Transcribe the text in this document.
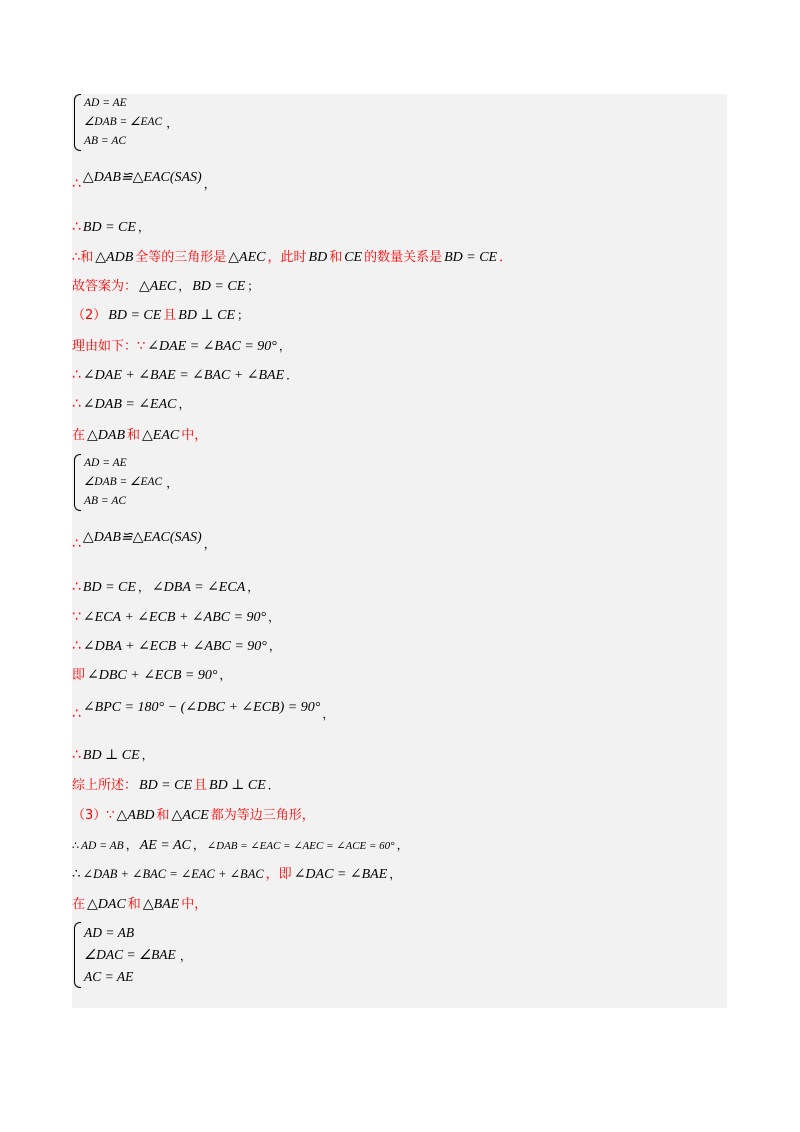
AD = AE
∠DAB = ∠EAC
AB = AC
，
∴ △DAB≌△EAC(SAS) ，
∴ BD = CE ，
∴和 △ADB 全等的三角形是 △AEC ，此时 BD 和 CE 的数量关系是 BD = CE ．
故答案为： △AEC ， BD = CE ；
（2） BD = CE 且 BD ⊥ CE ；
理由如下：∵ ∠DAE = ∠BAC = 90° ，
∴ ∠DAE + ∠BAE = ∠BAC + ∠BAE ．
∴ ∠DAB = ∠EAC ，
在 △DAB 和 △EAC 中，
AD = AE
∠DAB = ∠EAC
AB = AC
，
∴ △DAB≌△EAC(SAS) ，
∴ BD = CE ， ∠DBA = ∠ECA ，
∵ ∠ECA + ∠ECB + ∠ABC = 90° ，
∴ ∠DBA + ∠ECB + ∠ABC = 90° ，
即 ∠DBC + ∠ECB = 90° ，
∴ ∠BPC = 180° − (∠DBC + ∠ECB) = 90° ，
∴ BD ⊥ CE ，
综上所述： BD = CE 且 BD ⊥ CE ．
（3）∵ △ABD 和 △ACE 都为等边三角形，
∴ AD = AB ， AE = AC ， ∠DAB = ∠EAC = ∠AEC = ∠ACE = 60° ，
∴ ∠DAB + ∠BAC = ∠EAC + ∠BAC ，即 ∠DAC = ∠BAE ，
在 △DAC 和 △BAE 中，
AD = AB
∠DAC = ∠BAE
AC = AE
，
